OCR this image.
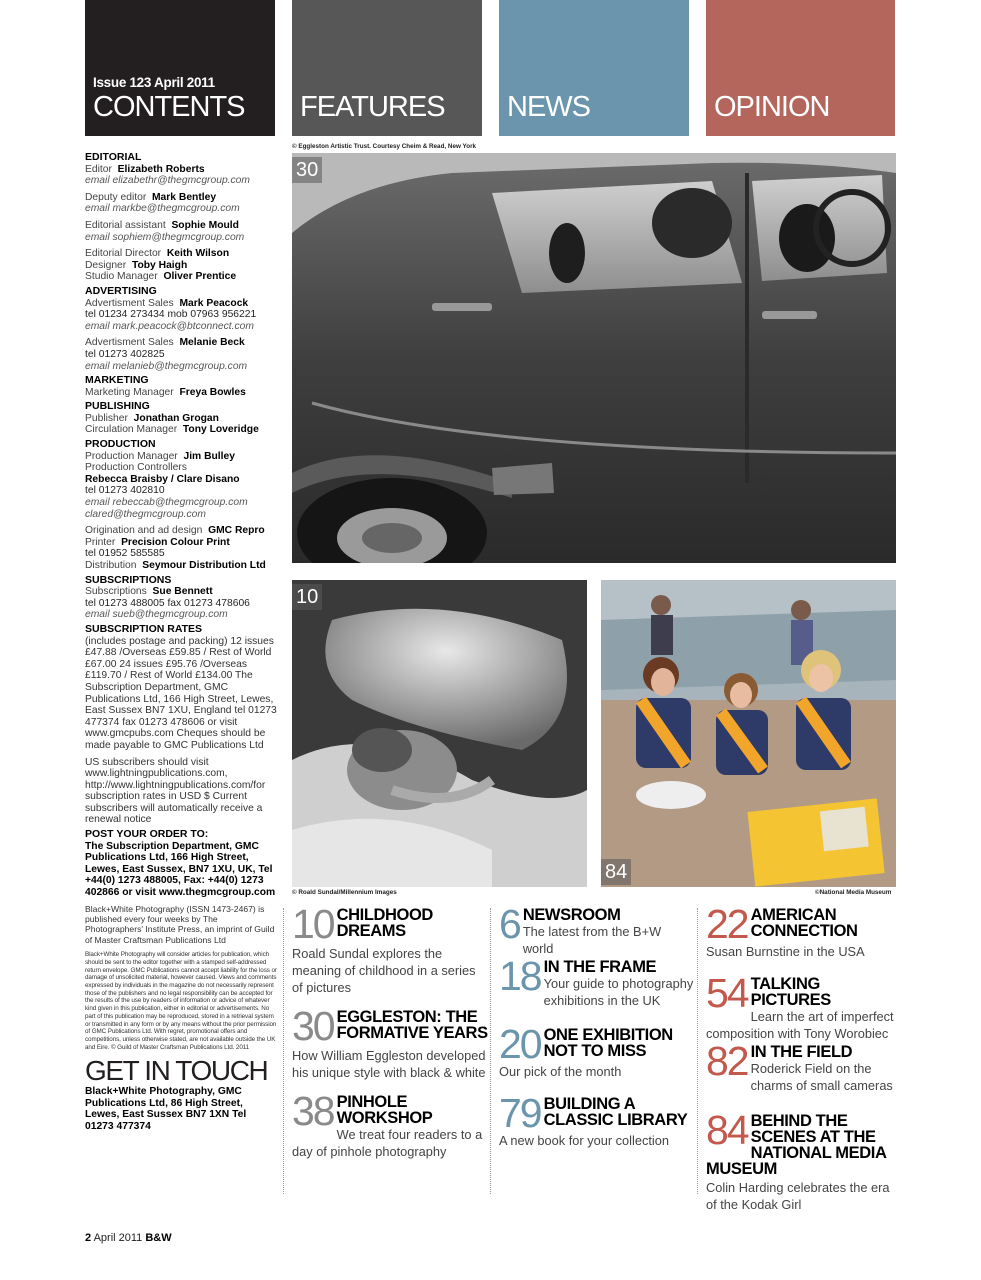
Issue 123 April 2011
CONTENTS FEATURES NEWS	OPINION
EDITORIAL
Editor Elizabeth Roberts
email elizabethr@thegmcgroup.com
Deputy editor Mark Bentley
email markbe@thegmcgroup.com
Editorial assistant Sophie Mould
email sophiem@thegmcgroup.com
Editorial Director Keith Wilson
Designer Toby Haigh
Studio Manager Oliver Prentice
ADVERTISING
Advertisment Sales Mark Peacock
tel 01234 273434 mob 07963 956221
email mark.peacock@btconnect.com
Advertisment Sales Melanie Beck
tel 01273 402825
email melanieb@thegmcgroup.com
MARKETING
Marketing Manager Freya Bowles
PUBLISHING
Publisher Jonathan Grogan
Circulation Manager Tony Loveridge
PRODUCTION
Production Manager Jim Bulley
Production Controllers
Rebecca Braisby / Clare Disano
tel 01273 402810
email rebeccab@thegmcgroup.com
clared@thegmcgroup.com
Origination and ad design GMC Repro
Printer Precision Colour Print
tel 01952 585585
Distribution Seymour Distribution Ltd
SUBSCRIPTIONS
Subscriptions Sue Bennett
tel 01273 488005 fax 01273 478606
email sueb@thegmcgroup.com
SUBSCRIPTION RATES
(includes postage and packing) 12 issues £47.88 /Overseas £59.85 / Rest of World £67.00 24 issues £95.76 /Overseas £119.70 / Rest of World £134.00 The Subscription Department, GMC Publications Ltd, 166 High Street, Lewes, East Sussex BN7 1XU, England tel 01273 477374 fax 01273 478606 or visit www.gmcpubs.com Cheques should be made payable to GMC Publications Ltd
US subscribers should visit www.lightningpublications.com, http://www.lightningpublications.com/for subscription rates in USD $ Current subscribers will automatically receive a renewal notice
POST YOUR ORDER TO:
The Subscription Department, GMC Publications Ltd, 166 High Street, Lewes, East Sussex, BN7 1XU, UK, Tel +44(0) 1273 488005, Fax: +44(0) 1273 402866 or visit www.thegmcgroup.com
Black+White Photography (ISSN 1473-2467) is published every four weeks by The Photographers' Institute Press, an imprint of Guild of Master Craftsman Publications Ltd
Black+White Photography will consider articles for publication, which should be sent to the editor together with a stamped self-addressed return envelope. GMC Publications cannot accept liability for the loss or damage of unsolicited material, however caused. Views and comments expressed by individuals in the magazine do not necessarily represent those of the publishers and no legal responsibility can be accepted for the results of the use by readers of information or advice of whatever kind given in this publication, either in editorial or advertisements. No part of this publication may be reproduced, stored in a retrieval system or transmitted in any form or by any means without the prior permission of GMC Publications Ltd. With regret, promotional offers and competitions, unless otherwise stated, are not available outside the UK and Eire. © Guild of Master Craftsman Publications Ltd. 2011
GET IN TOUCH
Black+White Photography, GMC Publications Ltd, 86 High Street, Lewes, East Sussex BN7 1XN Tel 01273 477374
© Eggleston Artistic Trust. Courtesy Cheim & Read, New York
30
10
© Roald Sundal/Millennium Images
84
©National Media Museum
10 CHILDHOOD DREAMS
Roald Sundal explores the meaning of childhood in a series of pictures
30 EGGLESTON: THE FORMATIVE YEARS
How William Eggleston developed his unique style with black & white
38 PINHOLE WORKSHOP
We treat four readers to a day of pinhole photography
6 NEWSROOM
The latest from the B+W world
18 IN THE FRAME
Your guide to photography exhibitions in the UK
20 ONE EXHIBITION NOT TO MISS
Our pick of the month
79 BUILDING A CLASSIC LIBRARY
A new book for your collection
22 AMERICAN CONNECTION
Susan Burnstine in the USA
54 TALKING PICTURES
Learn the art of imperfect composition with Tony Worobiec
82 IN THE FIELD
Roderick Field on the charms of small cameras
84 BEHIND THE SCENES AT THE NATIONAL MEDIA MUSEUM
Colin Harding celebrates the era of the Kodak Girl
2 April 2011 B&W
